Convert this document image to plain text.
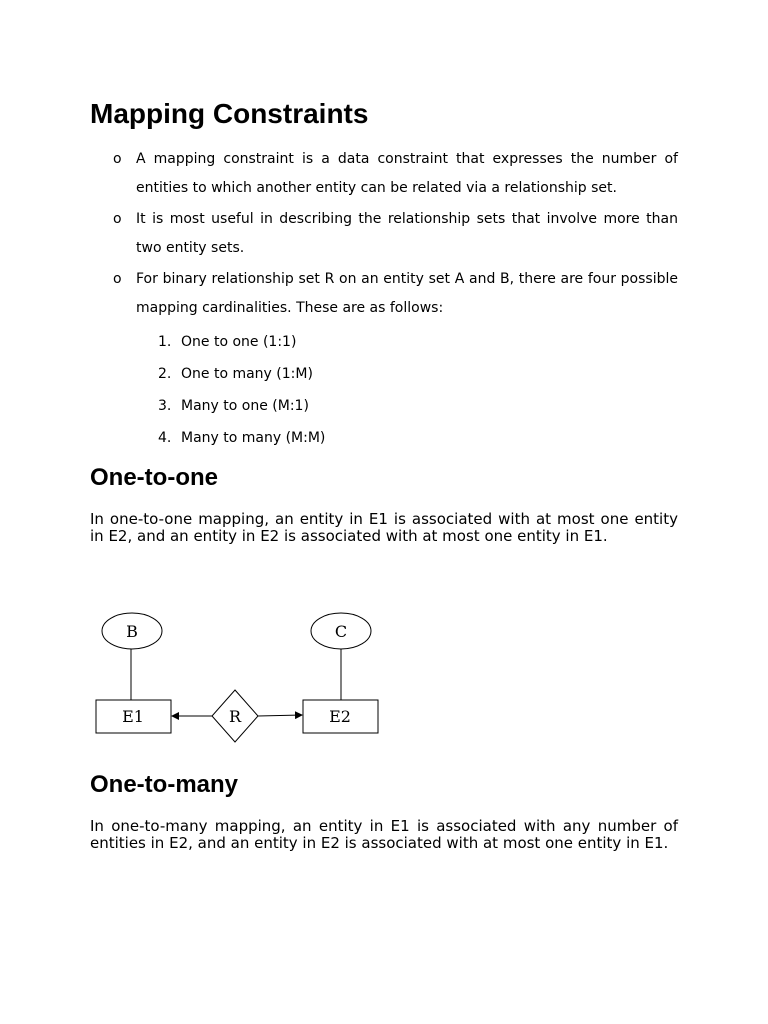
Mapping Constraints
o A mapping constraint is a data constraint that expresses the number of entities to which another entity can be related via a relationship set.
o It is most useful in describing the relationship sets that involve more than two entity sets.
o For binary relationship set R on an entity set A and B, there are four possible mapping cardinalities. These are as follows:
1. One to one (1:1)
2. One to many (1:M)
3. Many to one (M:1)
4. Many to many (M:M)
One-to-one

In one-to-one mapping, an entity in E1 is associated with at most one entity in E2, and an entity in E2 is associated with at most one entity in E1.

B	C
E1	E2
R
One-to-many

In one-to-many mapping, an entity in E1 is associated with any number of entities in E2, and an entity in E2 is associated with at most one entity in E1.
